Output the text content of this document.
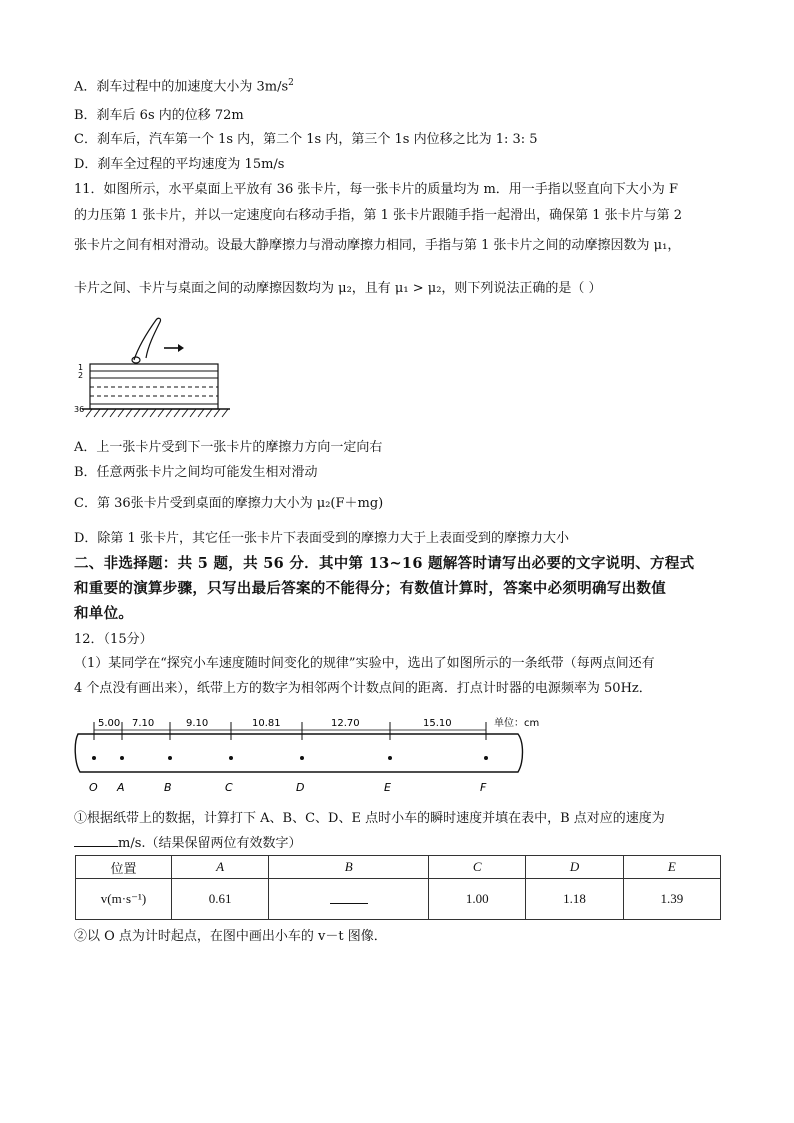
A．刹车过程中的加速度大小为 $3m/s^2$
B．刹车后 6s 内的位移 72m
C．刹车后，汽车第一个 1s 内，第二个 1s 内，第三个 1s 内位移之比为 1: 3: 5
D．刹车全过程的平均速度为 15m/s
11．如图所示，水平桌面上平放有 36 张卡片，每一张卡片的质量均为 m．用一手指以竖直向下大小为 F
的力压第 1 张卡片，并以一定速度向右移动手指，第 1 张卡片跟随手指一起滑出，确保第 1 张卡片与第 2
张卡片之间有相对滑动。设最大静摩擦力与滑动摩擦力相同，手指与第 1 张卡片之间的动摩擦因数为 μ₁，
卡片之间、卡片与桌面之间的动摩擦因数均为 μ₂，且有 μ₁ > μ₂，则下列说法正确的是（ ）
1
2
36
A．上一张卡片受到下一张卡片的摩擦力方向一定向右
B．任意两张卡片之间均可能发生相对滑动
C．第 36张卡片受到桌面的摩擦力大小为 μ₂(F＋mg)
D．除第 1 张卡片，其它任一张卡片下表面受到的摩擦力大于上表面受到的摩擦力大小
二、非选择题：共 5 题，共 56 分．其中第 13~16 题解答时请写出必要的文字说明、方程式
和重要的演算步骤，只写出最后答案的不能得分；有数值计算时，答案中必须明确写出数值
和单位。
12．（15分）
（1）某同学在“探究小车速度随时间变化的规律”实验中，选出了如图所示的一条纸带（每两点间还有
4 个点没有画出来），纸带上方的数字为相邻两个计数点间的距离．打点计时器的电源频率为 50Hz．
5.00 7.10	9.10	10.81	12.70	15.10	单位：cm
O A	B	C	D	E	F
①根据纸带上的数据，计算打下 A、B、C、D、E 点时小车的瞬时速度并填在表中，B 点对应的速度为
m/s.（结果保留两位有效数字）
位置	A	B	C	D	E
v(m·s⁻¹)	0.61		1.00	1.18	1.39
②以 O 点为计时起点，在图中画出小车的 v－t 图像．
